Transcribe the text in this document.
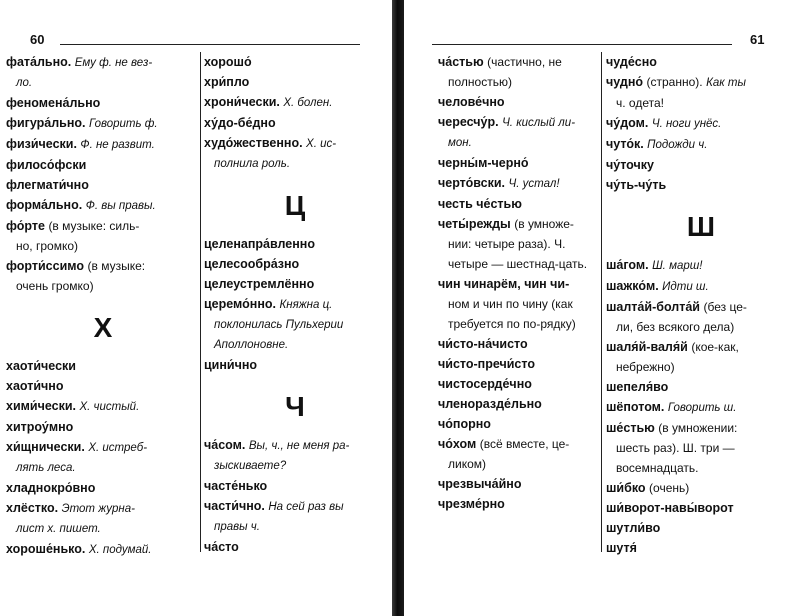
60
фата́льно. Ему ф. не вез-
ло.
феномена́льно
фигура́льно. Говорить ф.
физи́чески. Ф. не развит.
филосо́фски
флегмати́чно
форма́льно. Ф. вы правы.
фо́рте (в музыке: силь-
но, громко)
форти́ссимо (в музыке:
очень громко)
Х
хаоти́чески
хаоти́чно
хими́чески. Х. чистый.
хитроу́мно
хи́щнически. Х. истреб-
лять леса.
хладнокро́вно
хлёстко. Этот журна-
лист х. пишет.
хороше́нько. Х. подумай.
хорошо́
хри́пло
хрони́чески. Х. болен.
ху́до-бе́дно
худо́жественно. Х. ис-
полнила роль.
Ц
целенапра́вленно
целесообра́зно
целеустремлённо
церемо́нно. Княжна ц.
поклонилась Пульхерии Аполлоновне.
цини́чно
Ч
ча́сом. Вы, ч., не меня ра-
зыскиваете?
часте́нько
части́чно. На сей раз вы
правы ч.
ча́сто
61
ча́стью (частично, не
полностью)
челове́чно
чересчу́р. Ч. кислый ли-
мон.
черны́м-черно́
черто́вски. Ч. устал!
честь че́стью
четы́режды (в умноже-
нии: четыре раза). Ч. четыре — шестнад-цать.
чин чинарём, чин чи-
ном и чин по чину (как требуется по по-рядку)
чи́сто-на́чисто
чи́сто-пречи́сто
чистосерде́чно
членоразде́льно
чо́порно
чо́хом (всё вместе, це-
ликом)
чрезвыча́йно
чрезме́рно
чуде́сно
чудно́ (странно). Как ты
ч. одета!
чу́дом. Ч. ноги унёс.
чуто́к. Подожди ч.
чу́точку
чу́ть-чу́ть
Ш
ша́гом. Ш. марш!
шажко́м. Идти ш.
шалта́й-болта́й (без це-
ли, без всякого дела)
шаля́й-валя́й (кое-как,
небрежно)
шепеля́во
шёпотом. Говорить ш.
ше́стью (в умножении:
шесть раз). Ш. три — восемнадцать.
ши́бко (очень)
ши́ворот-навы́ворот
шутли́во
шутя́
